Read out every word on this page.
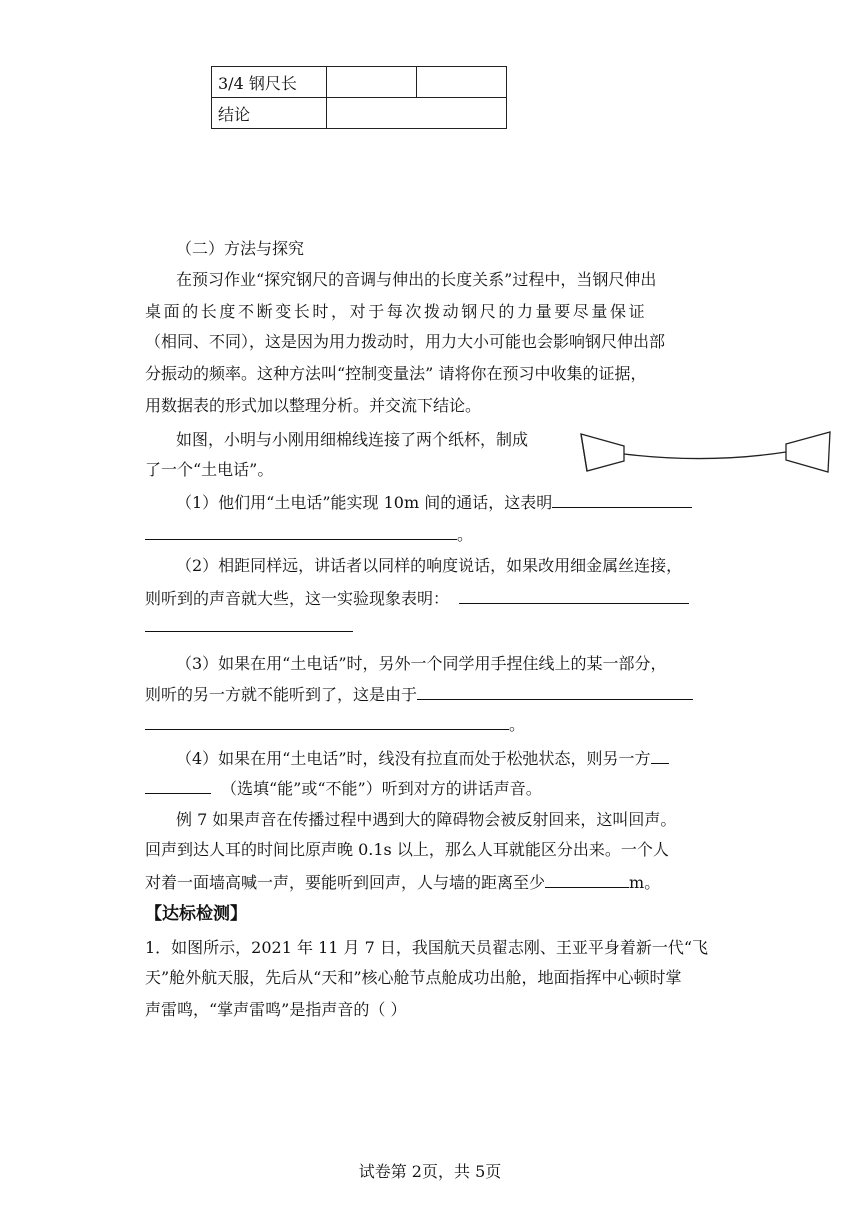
3/4 钢尺长		
结论		
（二）方法与探究
在预习作业“探究钢尺的音调与伸出的长度关系”过程中，当钢尺伸出
桌面的长度不断变长时，对于每次拨动钢尺的力量要尽量保证
（相同、不同），这是因为用力拨动时，用力大小可能也会影响钢尺伸出部
分振动的频率。这种方法叫“控制变量法” 请将你在预习中收集的证据，
用数据表的形式加以整理分析。并交流下结论。
如图，小明与小刚用细棉线连接了两个纸杯，制成
了一个“土电话”。
（1）他们用“土电话”能实现 10m 间的通话，这表明
。
（2）相距同样远，讲话者以同样的响度说话，如果改用细金属丝连接，
则听到的声音就大些，这一实验现象表明：
（3）如果在用“土电话”时，另外一个同学用手捏住线上的某一部分，
则听的另一方就不能听到了，这是由于
。
（4）如果在用“土电话”时，线没有拉直而处于松弛状态，则另一方
（选填“能”或“不能”）听到对方的讲话声音。
例 7 如果声音在传播过程中遇到大的障碍物会被反射回来，这叫回声。
回声到达人耳的时间比原声晚 0.1s 以上，那么人耳就能区分出来。一个人
对着一面墙高喊一声，要能听到回声，人与墙的距离至少	m。
【达标检测】
1．如图所示，2021 年 11 月 7 日，我国航天员翟志刚、王亚平身着新一代“飞
天”舱外航天服，先后从“天和”核心舱节点舱成功出舱，地面指挥中心顿时掌
声雷鸣，“掌声雷鸣”是指声音的（ ）
试卷第 2页，共 5页
